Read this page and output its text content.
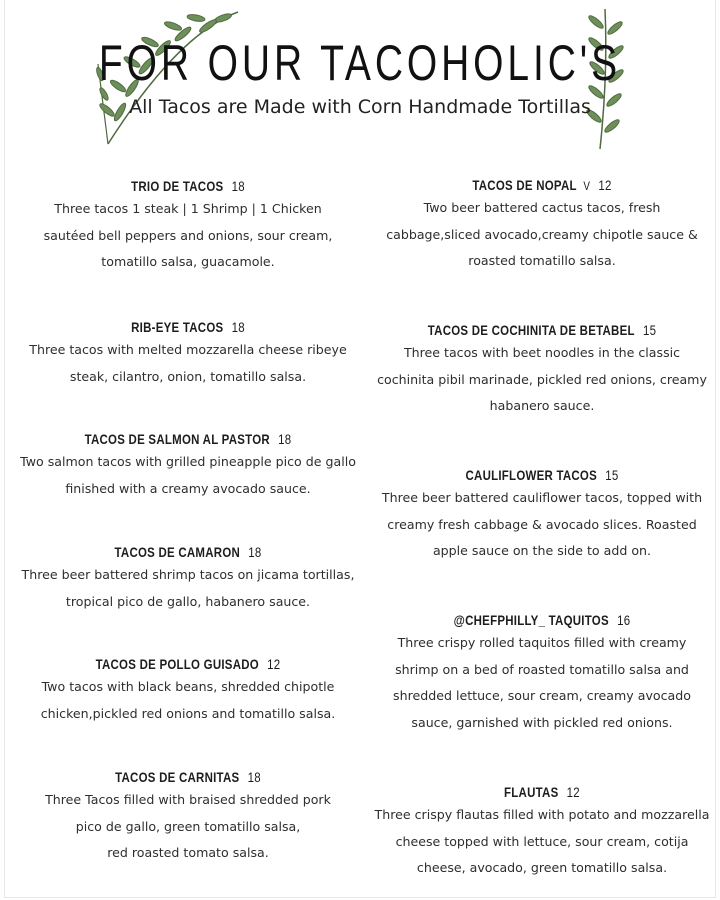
FOR OUR TACOHOLIC'S
All Tacos are Made with Corn Handmade Tortillas
TRIO DE TACOS 18
Three tacos 1 steak | 1 Shrimp | 1 Chicken
sautéed bell peppers and onions, sour cream,
tomatillo salsa, guacamole.
RIB-EYE TACOS 18
Three tacos with melted mozzarella cheese ribeye
steak, cilantro, onion, tomatillo salsa.
TACOS DE SALMON AL PASTOR 18
Two salmon tacos with grilled pineapple pico de gallo
finished with a creamy avocado sauce.
TACOS DE CAMARON 18
Three beer battered shrimp tacos on jicama tortillas,
tropical pico de gallo, habanero sauce.
TACOS DE POLLO GUISADO 12
Two tacos with black beans, shredded chipotle
chicken,pickled red onions and tomatillo salsa.
TACOS DE CARNITAS 18
Three Tacos filled with braised shredded pork
pico de gallo, green tomatillo salsa,
red roasted tomato salsa.
TACOS DE NOPAL V 12
Two beer battered cactus tacos, fresh
cabbage,sliced avocado,creamy chipotle sauce &
roasted tomatillo salsa.
TACOS DE COCHINITA DE BETABEL 15
Three tacos with beet noodles in the classic
cochinita pibil marinade, pickled red onions, creamy
habanero sauce.
CAULIFLOWER TACOS 15
Three beer battered cauliflower tacos, topped with
creamy fresh cabbage & avocado slices. Roasted
apple sauce on the side to add on.
@CHEFPHILLY_ TAQUITOS 16
Three crispy rolled taquitos filled with creamy
shrimp on a bed of roasted tomatillo salsa and
shredded lettuce, sour cream, creamy avocado
sauce, garnished with pickled red onions.
FLAUTAS 12
Three crispy flautas filled with potato and mozzarella
cheese topped with lettuce, sour cream, cotija
cheese, avocado, green tomatillo salsa.
